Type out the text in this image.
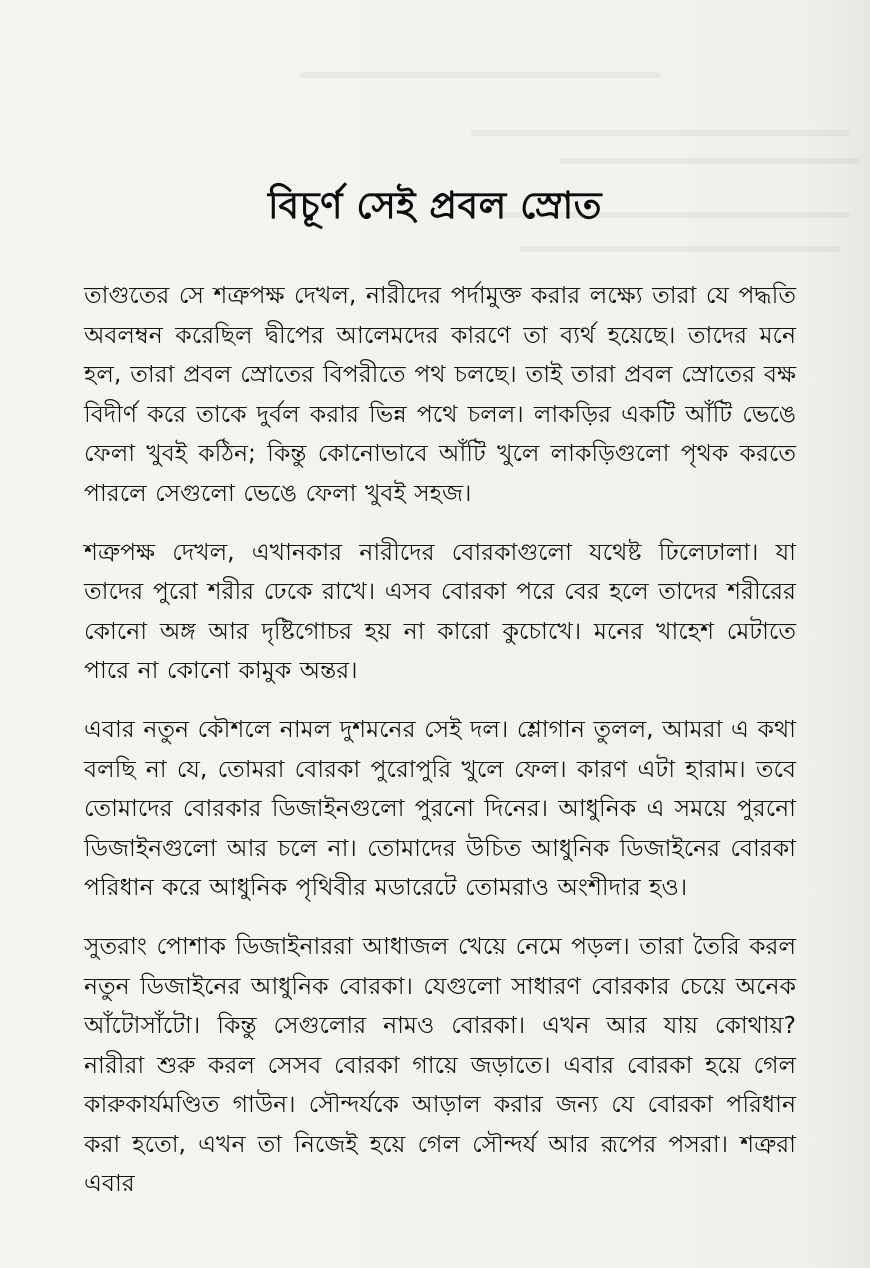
বিচূর্ণ সেই প্রবল স্রোত

তাগুতের সে শত্রুপক্ষ দেখল, নারীদের পর্দামুক্ত করার লক্ষ্যে তারা যে পদ্ধতি অবলম্বন করেছিল দ্বীপের আলেমদের কারণে তা ব্যর্থ হয়েছে। তাদের মনে হল, তারা প্রবল স্রোতের বিপরীতে পথ চলছে। তাই তারা প্রবল স্রোতের বক্ষ বিদীর্ণ করে তাকে দুর্বল করার ভিন্ন পথে চলল। লাকড়ির একটি আঁটি ভেঙে ফেলা খুবই কঠিন; কিন্তু কোনোভাবে আঁটি খুলে লাকড়িগুলো পৃথক করতে পারলে সেগুলো ভেঙে ফেলা খুবই সহজ।

শত্রুপক্ষ দেখল, এখানকার নারীদের বোরকাগুলো যথেষ্ট ঢিলেঢালা। যা তাদের পুরো শরীর ঢেকে রাখে। এসব বোরকা পরে বের হলে তাদের শরীরের কোনো অঙ্গ আর দৃষ্টিগোচর হয় না কারো কুচোখে। মনের খাহেশ মেটাতে পারে না কোনো কামুক অন্তর।

এবার নতুন কৌশলে নামল দুশমনের সেই দল। শ্লোগান তুলল, আমরা এ কথা বলছি না যে, তোমরা বোরকা পুরোপুরি খুলে ফেল। কারণ এটা হারাম। তবে তোমাদের বোরকার ডিজাইনগুলো পুরনো দিনের। আধুনিক এ সময়ে পুরনো ডিজাইনগুলো আর চলে না। তোমাদের উচিত আধুনিক ডিজাইনের বোরকা পরিধান করে আধুনিক পৃথিবীর মডারেটে তোমরাও অংশীদার হও।

সুতরাং পোশাক ডিজাইনাররা আধাজল খেয়ে নেমে পড়ল। তারা তৈরি করল নতুন ডিজাইনের আধুনিক বোরকা। যেগুলো সাধারণ বোরকার চেয়ে অনেক আঁটোসাঁটো। কিন্তু সেগুলোর নামও বোরকা। এখন আর যায় কোথায়? নারীরা শুরু করল সেসব বোরকা গায়ে জড়াতে। এবার বোরকা হয়ে গেল কারুকার্যমণ্ডিত গাউন। সৌন্দর্যকে আড়াল করার জন্য যে বোরকা পরিধান করা হতো, এখন তা নিজেই হয়ে গেল সৌন্দর্য আর রূপের পসরা। শত্রুরা এবার
